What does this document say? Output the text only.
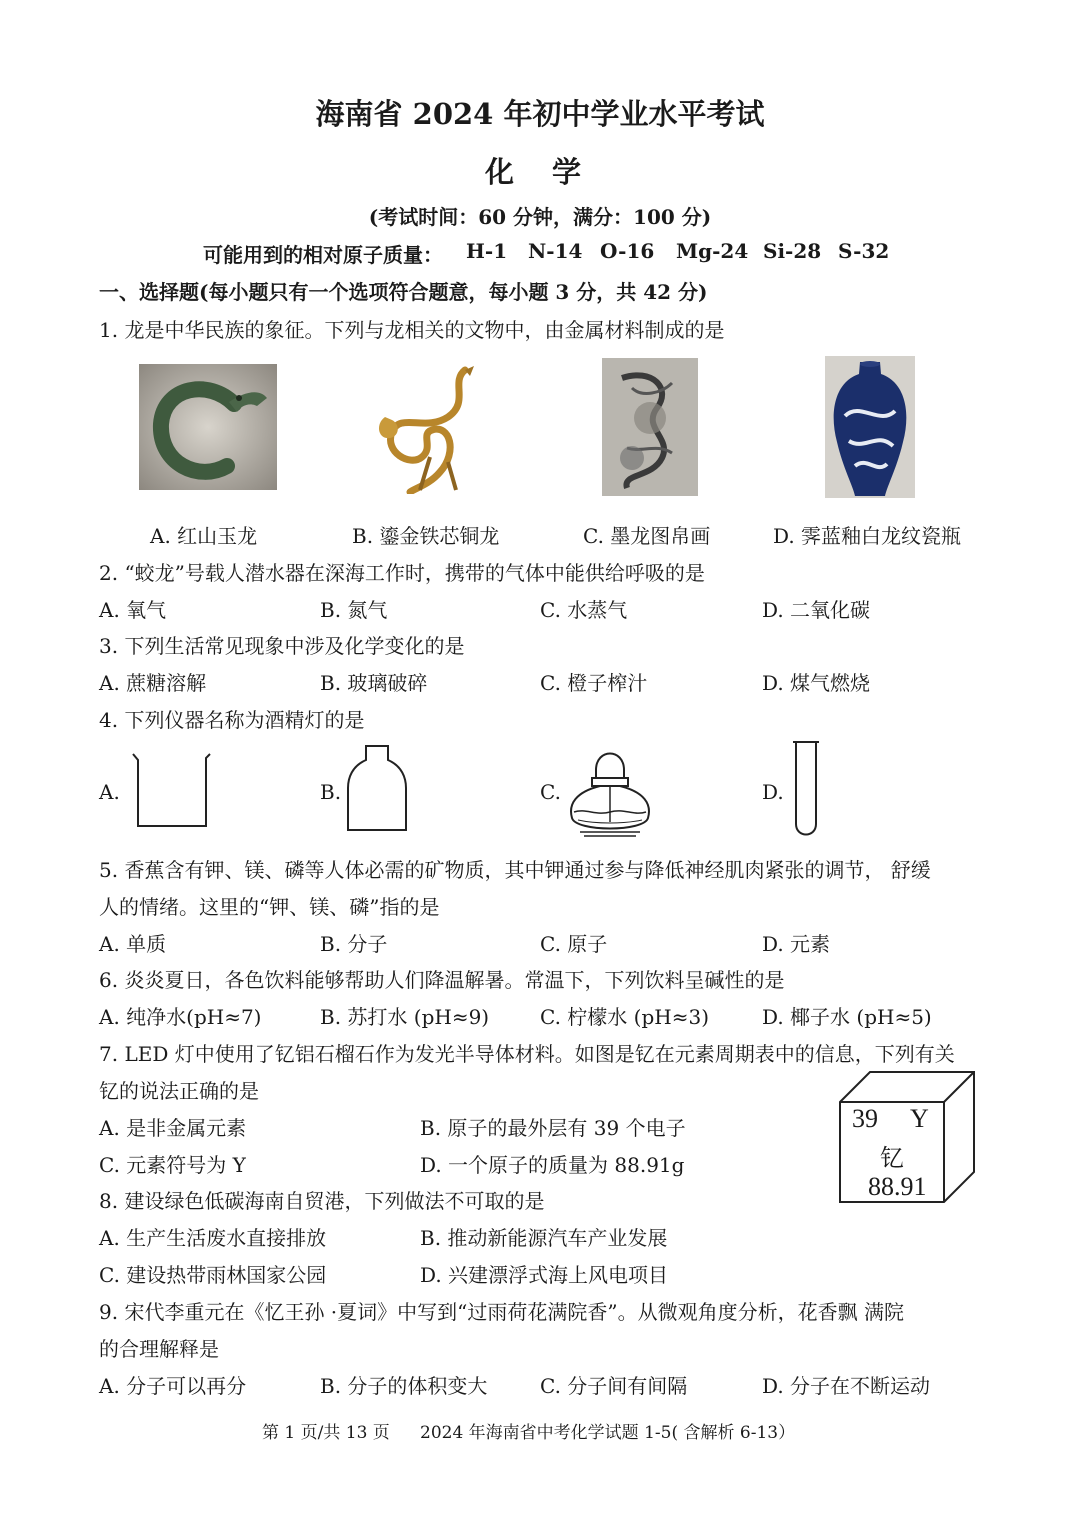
海南省 2024 年初中学业水平考试
化 学
(考试时间：60 分钟，满分：100 分)
可能用到的相对原子质量： H-1 N-14 O-16 Mg-24 Si-28 S-32
一、选择题(每小题只有一个选项符合题意，每小题 3 分，共 42 分)
1. 龙是中华民族的象征。下列与龙相关的文物中，由金属材料制成的是
A. 红山玉龙	B. 鎏金铁芯铜龙	C. 墨龙图帛画	D. 霁蓝釉白龙纹瓷瓶
2. “蛟龙”号载人潜水器在深海工作时，携带的气体中能供给呼吸的是
A. 氧气	B. 氮气	C. 水蒸气	D. 二氧化碳
3. 下列生活常见现象中涉及化学变化的是
A. 蔗糖溶解	B. 玻璃破碎	C. 橙子榨汁	D. 煤气燃烧
4. 下列仪器名称为酒精灯的是
A.	B.	C.	D.
5. 香蕉含有钾、镁、磷等人体必需的矿物质，其中钾通过参与降低神经肌肉紧张的调节， 舒缓
人的情绪。这里的“钾、镁、磷”指的是
A. 单质	B. 分子	C. 原子	D. 元素
6. 炎炎夏日，各色饮料能够帮助人们降温解暑。常温下，下列饮料呈碱性的是
A. 纯净水(pH≈7)	B. 苏打水 (pH≈9)	C. 柠檬水 (pH≈3)	D. 椰子水 (pH≈5)
7. LED 灯中使用了钇铝石榴石作为发光半导体材料。如图是钇在元素周期表中的信息，下列有关
钇的说法正确的是
A. 是非金属元素	B. 原子的最外层有 39 个电子
C. 元素符号为 Y	D. 一个原子的质量为 88.91g
39 Y
钇
88.91
8. 建设绿色低碳海南自贸港，下列做法不可取的是
A. 生产生活废水直接排放	B. 推动新能源汽车产业发展
C. 建设热带雨林国家公园	D. 兴建漂浮式海上风电项目
9. 宋代李重元在《忆王孙 ·夏词》中写到“过雨荷花满院香”。从微观角度分析，花香飘 满院
的合理解释是
A. 分子可以再分	B. 分子的体积变大	C. 分子间有间隔	D. 分子在不断运动
第 1 页/共 13 页 2024 年海南省中考化学试题 1-5( 含解析 6-13）
